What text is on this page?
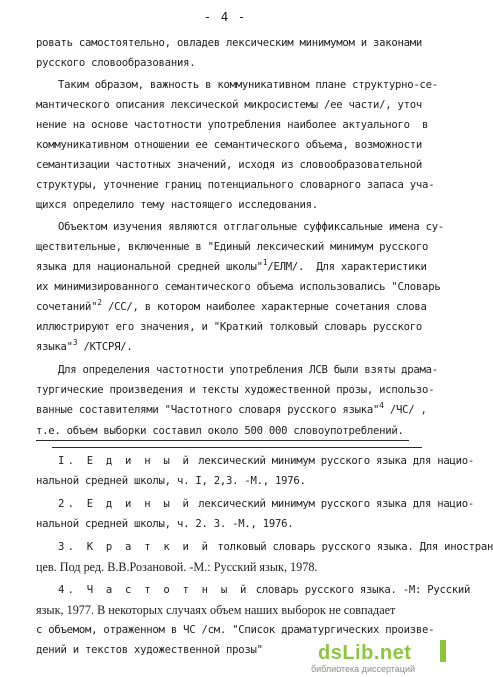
- 4 -
ровать самостоятельно, овладев лексическим минимумом и законами
русского словообразования.
Таким образом, важность в коммуникативном плане структурно-се-
мантического описания лексической микросистемы /ее части/, уточ
нение на основе частотности употребления наиболее актуального  в
коммуникативном отношении ее семантического объема, возможности
семантизации частотных значений, исходя из словообразовательной
структуры, уточнение границ потенциального словарного запаса уча-
щихся определило тему настоящего исследования.
Объектом изучения являются отглагольные суффиксальные имена су-
ществительные, включенные в "Единый лексический минимум русского
языка для национальной средней школы"$^1$/ЕЛМ/.  Для характеристики
их минимизированного семантического объема использовались "Словарь
сочетаний"$^2$ /СС/, в котором наиболее характерные сочетания слова
иллюстрируют его значения, и "Краткий толковый словарь русского
языка"$^3$ /КТСРЯ/.
Для определения частотности употребления ЛСВ были взяты драма-
тургические произведения и тексты художественной прозы, использо-
ванные составителями "Частотного словаря русского языка"$^4$ /ЧС/ ,
т.е. объем выборки составил около 500 000 словоупотреблений.
I. Е д и н ы й лексический минимум русского языка для нацио-
нальной средней школы, ч. I, 2,3. -М., 1976.
2. Е д и н ы й лексический минимум русского языка для нацио-
нальной средней школы, ч. 2. 3. -М., 1976.
3. К р а т к и й толковый словарь русского языка. Для иностран
цев. Под ред. В.В.Розановой. -М.: Русский язык, 1978.
4. Ч а с т о т н ы й словарь русского языка. -М: Русский
язык, 1977. В некоторых случаях объем наших выборок не совпадает
с объемом, отраженном в ЧС /см. "Список драматургических произве-
дений и текстов художественной прозы"	dsLib.net
библиотека диссертаций
